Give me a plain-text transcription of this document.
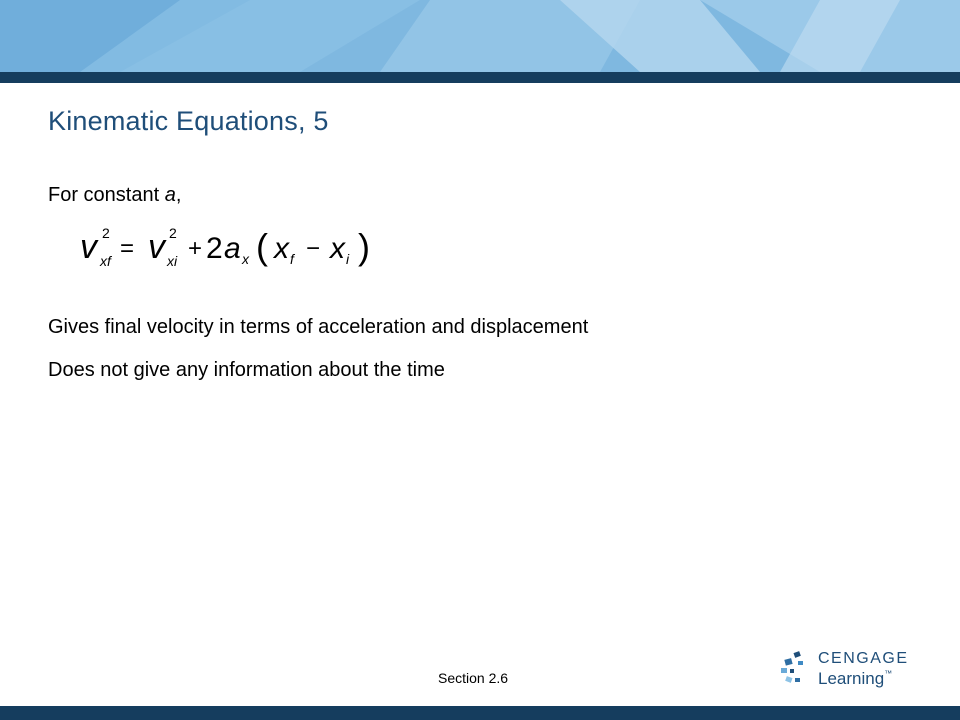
Kinematic Equations, 5
For constant a,
v 2
xf = v 2
xi + 2 a x ( x f − x i )
Gives final velocity in terms of acceleration and displacement
Does not give any information about the time
Section 2.6
CENGAGE
Learning™
